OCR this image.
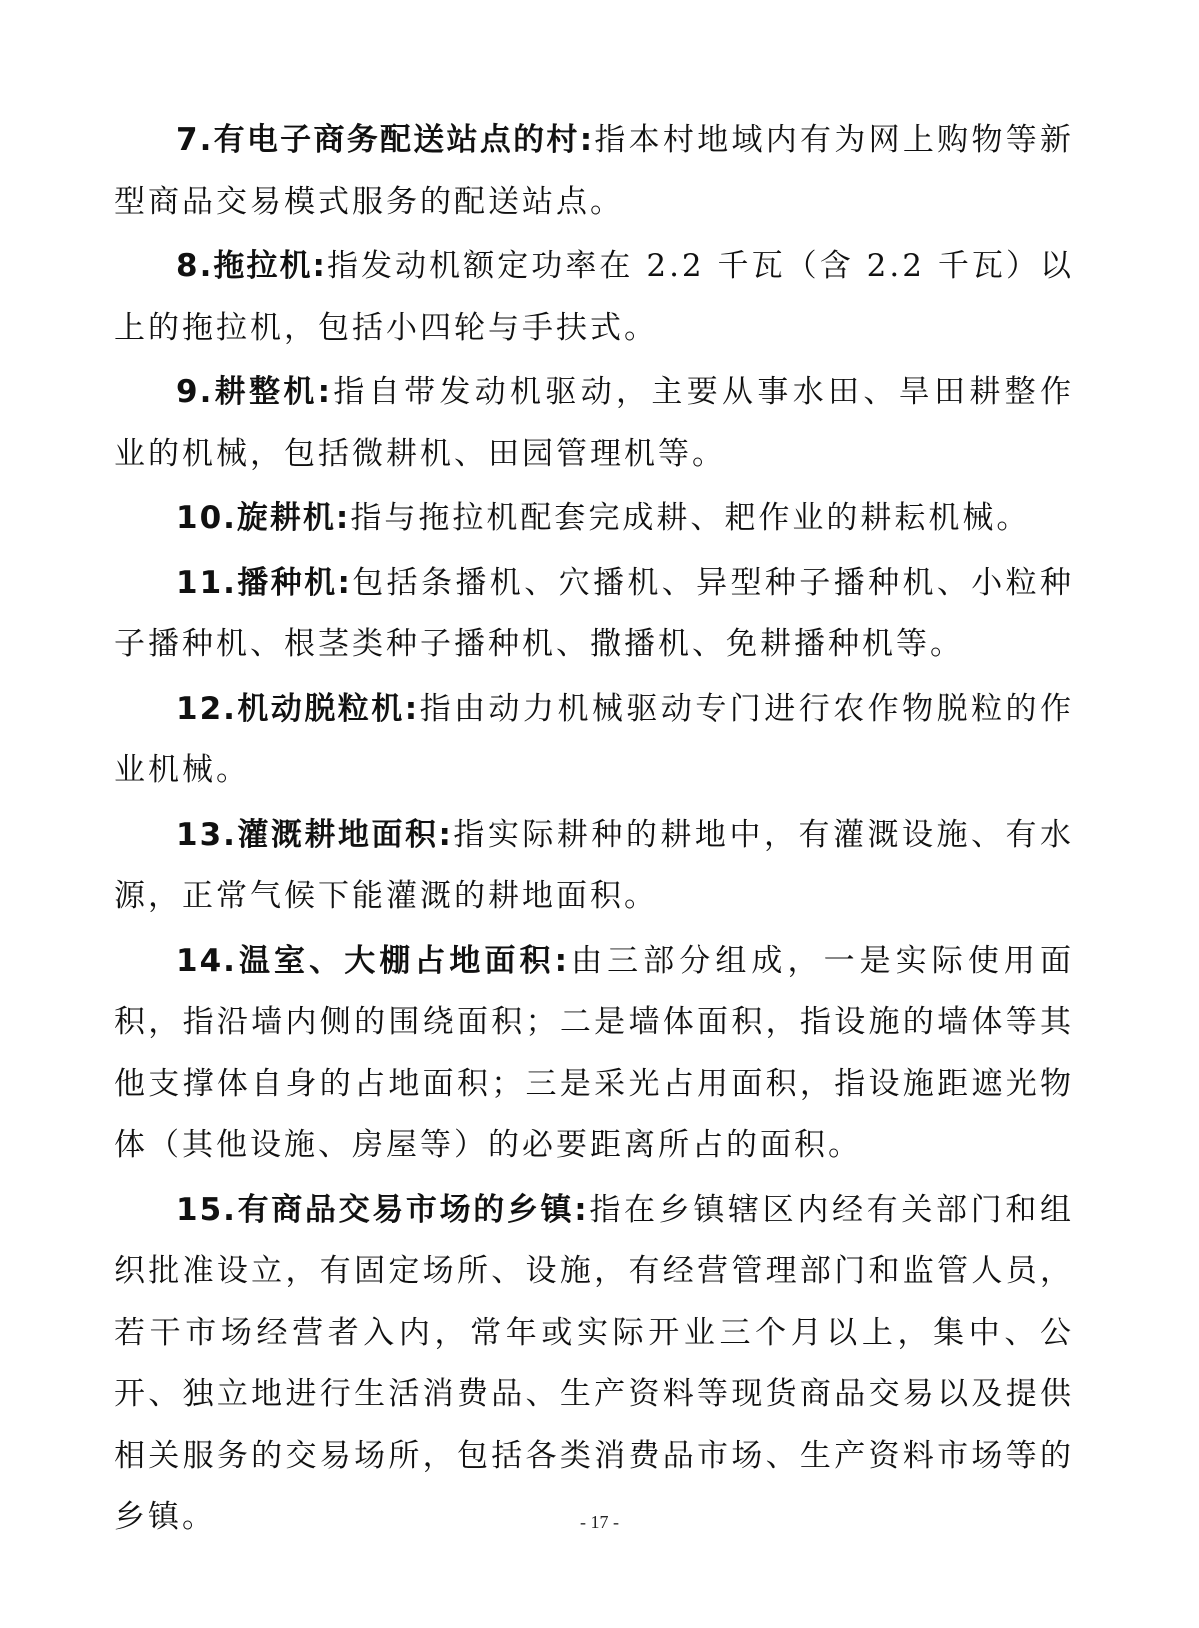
7.有电子商务配送站点的村:指本村地域内有为网上购物等新型商品交易模式服务的配送站点。

8.拖拉机:指发动机额定功率在 2.2 千瓦（含 2.2 千瓦）以上的拖拉机，包括小四轮与手扶式。

9.耕整机:指自带发动机驱动，主要从事水田、旱田耕整作业的机械，包括微耕机、田园管理机等。

10.旋耕机:指与拖拉机配套完成耕、耙作业的耕耘机械。

11.播种机:包括条播机、穴播机、异型种子播种机、小粒种子播种机、根茎类种子播种机、撒播机、免耕播种机等。

12.机动脱粒机:指由动力机械驱动专门进行农作物脱粒的作业机械。

13.灌溉耕地面积:指实际耕种的耕地中，有灌溉设施、有水源，正常气候下能灌溉的耕地面积。

14.温室、大棚占地面积:由三部分组成，一是实际使用面积，指沿墙内侧的围绕面积；二是墙体面积，指设施的墙体等其他支撑体自身的占地面积；三是采光占用面积，指设施距遮光物体（其他设施、房屋等）的必要距离所占的面积。

15.有商品交易市场的乡镇:指在乡镇辖区内经有关部门和组织批准设立，有固定场所、设施，有经营管理部门和监管人员，若干市场经营者入内，常年或实际开业三个月以上，集中、公开、独立地进行生活消费品、生产资料等现货商品交易以及提供相关服务的交易场所，包括各类消费品市场、生产资料市场等的乡镇。	- 17 -
